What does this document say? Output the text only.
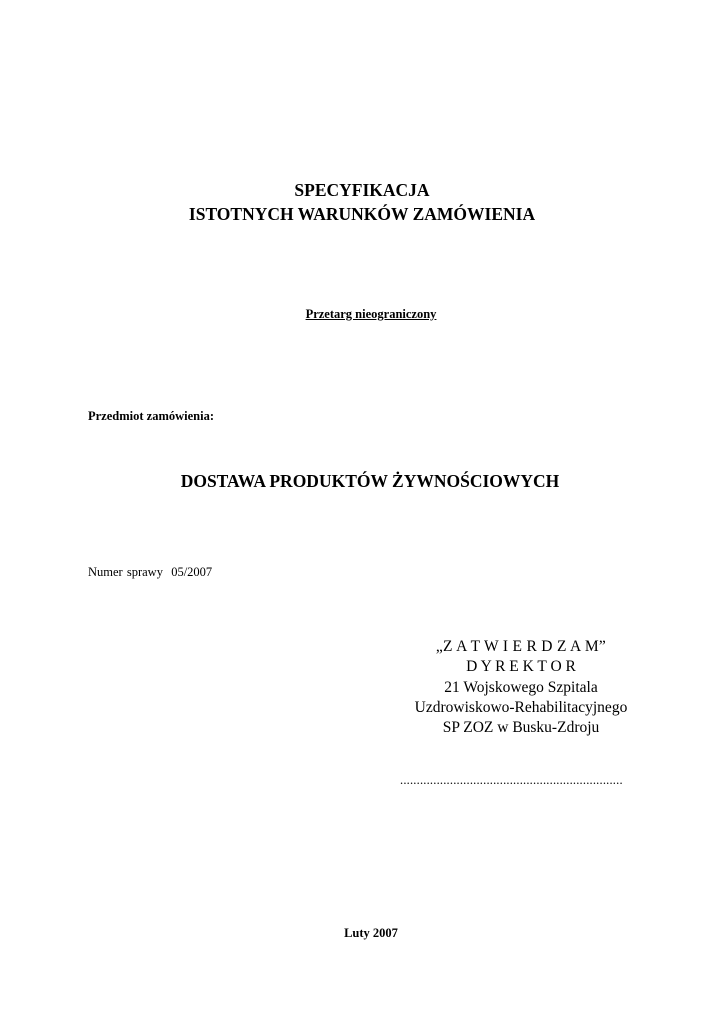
SPECYFIKACJA
ISTOTNYCH WARUNKÓW ZAMÓWIENIA
Przetarg nieograniczony
Przedmiot zamówienia:
DOSTAWA PRODUKTÓW ŻYWNOŚCIOWYCH
Numer sprawy  05/2007
„Z A T W I E R D Z A M”
D Y R E K T O R
21 Wojskowego Szpitala
Uzdrowiskowo-Rehabilitacyjnego
SP ZOZ w Busku-Zdroju
...................................................................
Luty 2007
